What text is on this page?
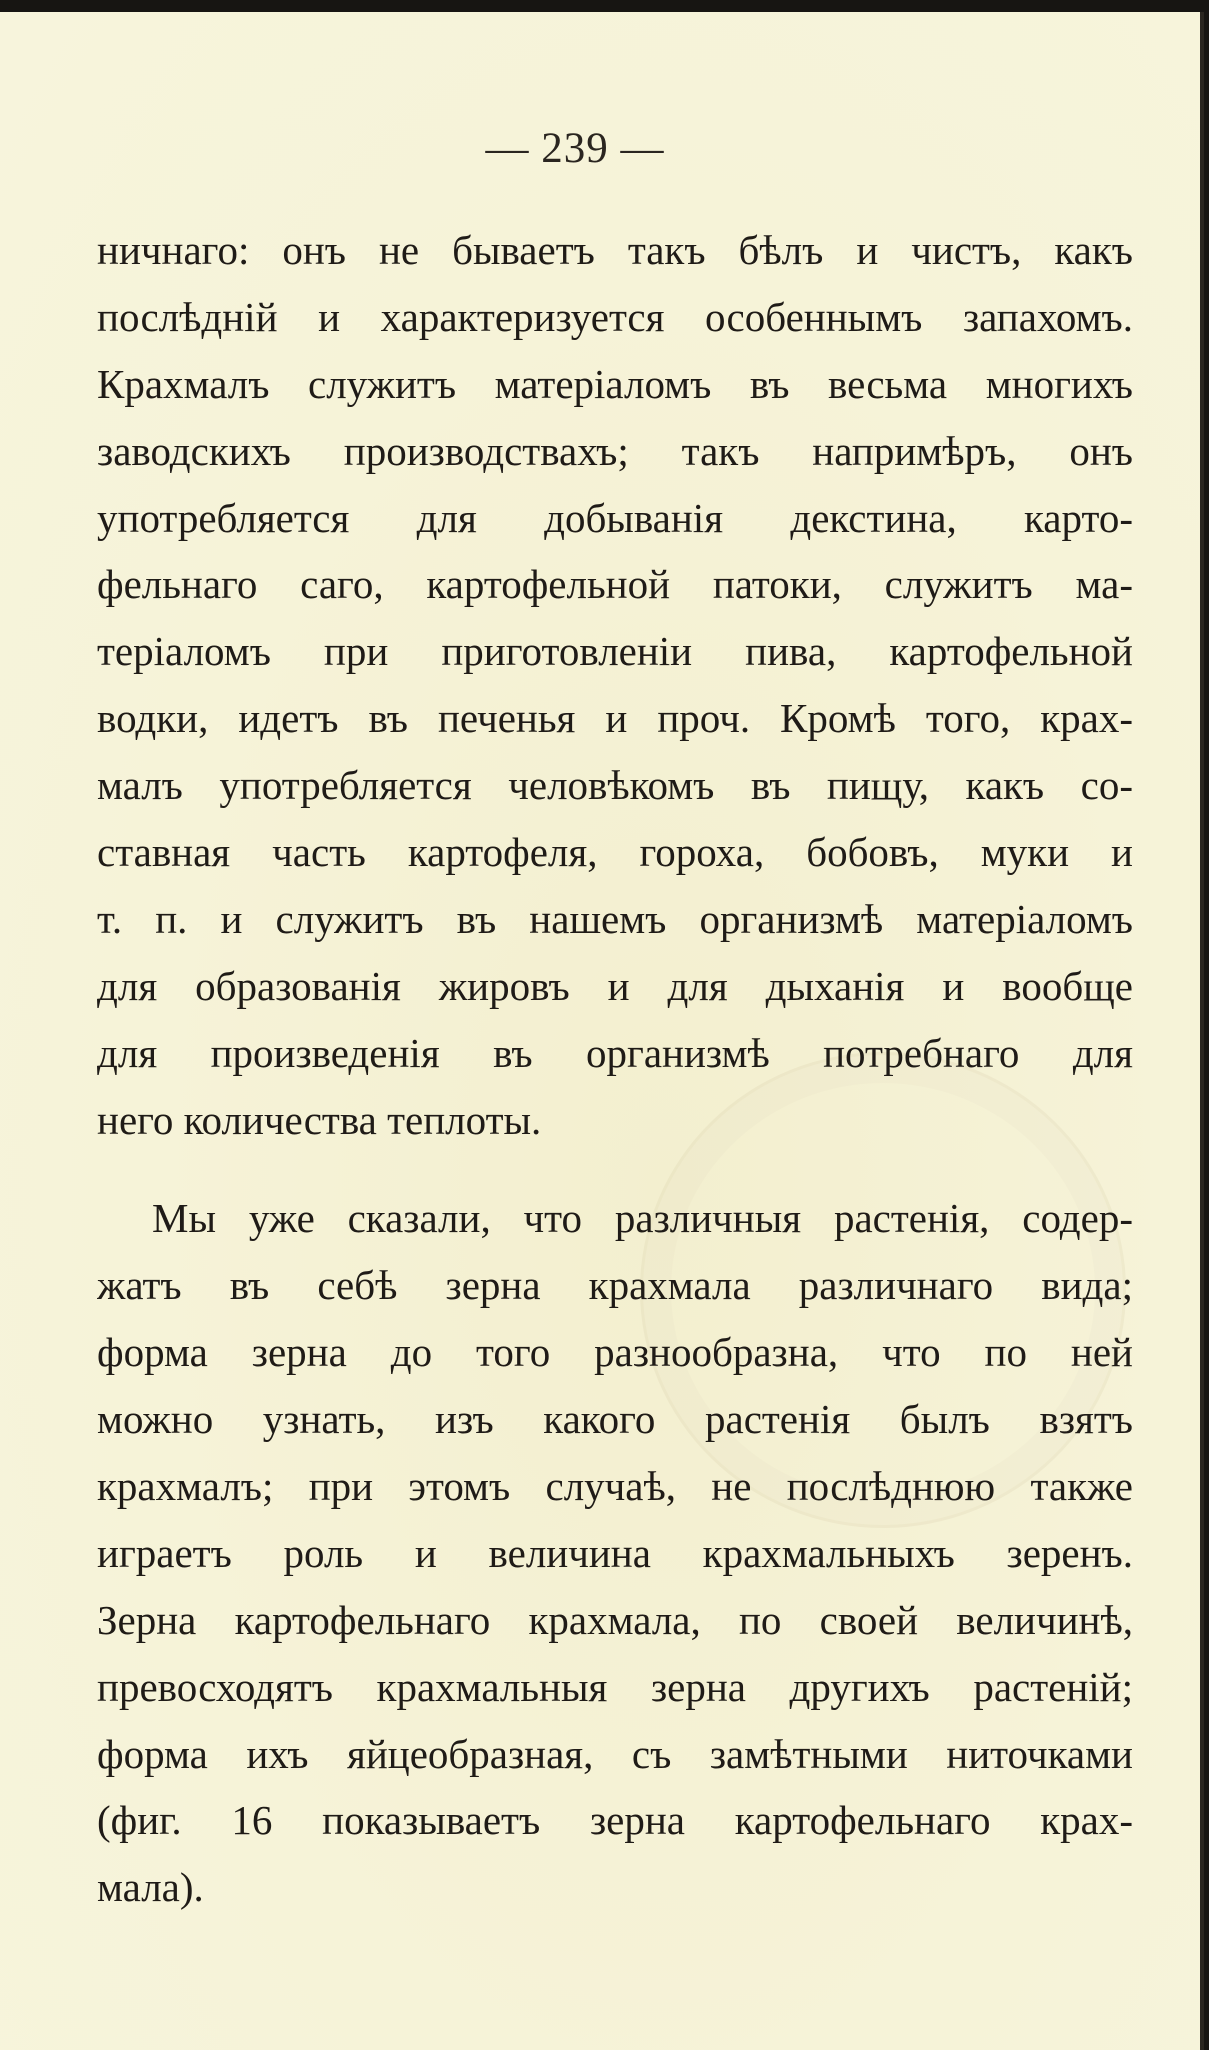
— 239 —
ничнаго: онъ не бываетъ такъ бѣлъ и чистъ, какъ
послѣдній и характеризуется особеннымъ запахомъ.
Крахмалъ служитъ матеріаломъ въ весьма многихъ
заводскихъ производствахъ; такъ напримѣръ, онъ
употребляется для добыванія декстина, карто-
фельнаго саго, картофельной патоки, служитъ ма-
теріаломъ при приготовленіи пива, картофельной
водки, идетъ въ печенья и проч. Кромѣ того, крах-
малъ употребляется человѣкомъ въ пищу, какъ со-
ставная часть картофеля, гороха, бобовъ, муки и
т. п. и служитъ въ нашемъ организмѣ матеріаломъ
для образованія жировъ и для дыханія и вообще
для произведенія въ организмѣ потребнаго для
него количества теплоты.
Мы уже сказали, что различныя растенія, содер-
жатъ въ себѣ зерна крахмала различнаго вида;
форма зерна до того разнообразна, что по ней
можно узнать, изъ какого растенія былъ взятъ
крахмалъ; при этомъ случаѣ, не послѣднюю также
играетъ роль и величина крахмальныхъ зеренъ.
Зерна картофельнаго крахмала, по своей величинѣ,
превосходятъ крахмальныя зерна другихъ растеній;
форма ихъ яйцеобразная, съ замѣтными ниточками
(фиг. 16 показываетъ зерна картофельнаго крах-
мала).
